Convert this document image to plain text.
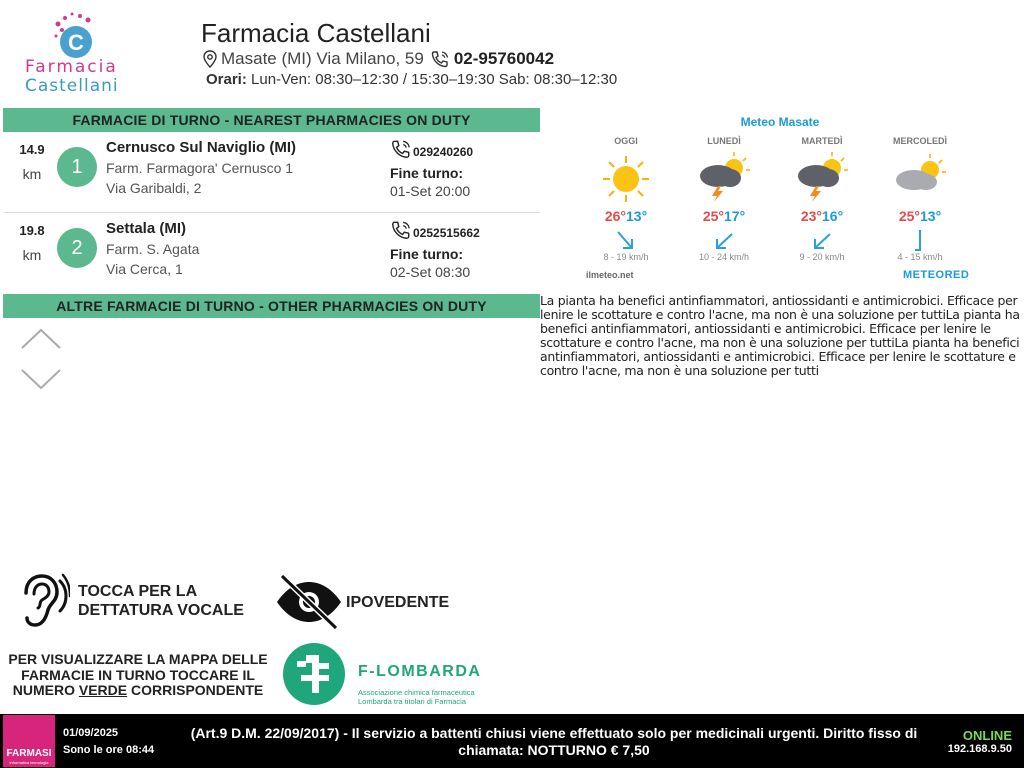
C
Farmacia
Castellani
Farmacia Castellani
Masate (MI) Via Milano, 59 02-95760042
Orari: Lun-Ven: 08:30–12:30 / 15:30–19:30 Sab: 08:30–12:30
FARMACIE DI TURNO - NEAREST PHARMACIES ON DUTY
14.9
km	1
Cernusco Sul Naviglio (MI)
Farm. Farmagora' Cernusco 1
Via Garibaldi, 2
029240260
Fine turno:
01-Set 20:00
19.8
km	2
Settala (MI)
Farm. S. Agata
Via Cerca, 1
0252515662
Fine turno:
02-Set 08:30
ALTRE FARMACIE DI TURNO - OTHER PHARMACIES ON DUTY
Meteo Masate
OGGI
26°13°
8 - 19 km/h
LUNEDÌ
25°17°
10 - 24 km/h
MARTEDÌ
23°16°
9 - 20 km/h
MERCOLEDÌ
25°13°
4 - 15 km/h
ilmeteo.net	METEORED
La pianta ha benefici antinfiammatori, antiossidanti e antimicrobici. Efficace per lenire le scottature e contro l'acne, ma non è una soluzione per tuttiLa pianta ha benefici antinfiammatori, antiossidanti e antimicrobici. Efficace per lenire le scottature e contro l'acne, ma non è una soluzione per tuttiLa pianta ha benefici antinfiammatori, antiossidanti e antimicrobici. Efficace per lenire le scottature e contro l'acne, ma non è una soluzione per tutti
TOCCA PER LA
DETTATURA VOCALE	IPOVEDENTE
PER VISUALIZZARE LA MAPPA DELLE FARMACIE IN TURNO TOCCARE IL NUMERO VERDE CORRISPONDENTE
F-LOMBARDA
Associazione chimica farmaceutica
Lombarda tra titolari di Farmacia
FARMASI
informatica tecnologia
01/09/2025
Sono le ore 08:44
(Art.9 D.M. 22/09/2017) - Il servizio a battenti chiusi viene effettuato solo per medicinali urgenti. Diritto fisso di chiamata: NOTTURNO € 7,50
ONLINE
192.168.9.50
